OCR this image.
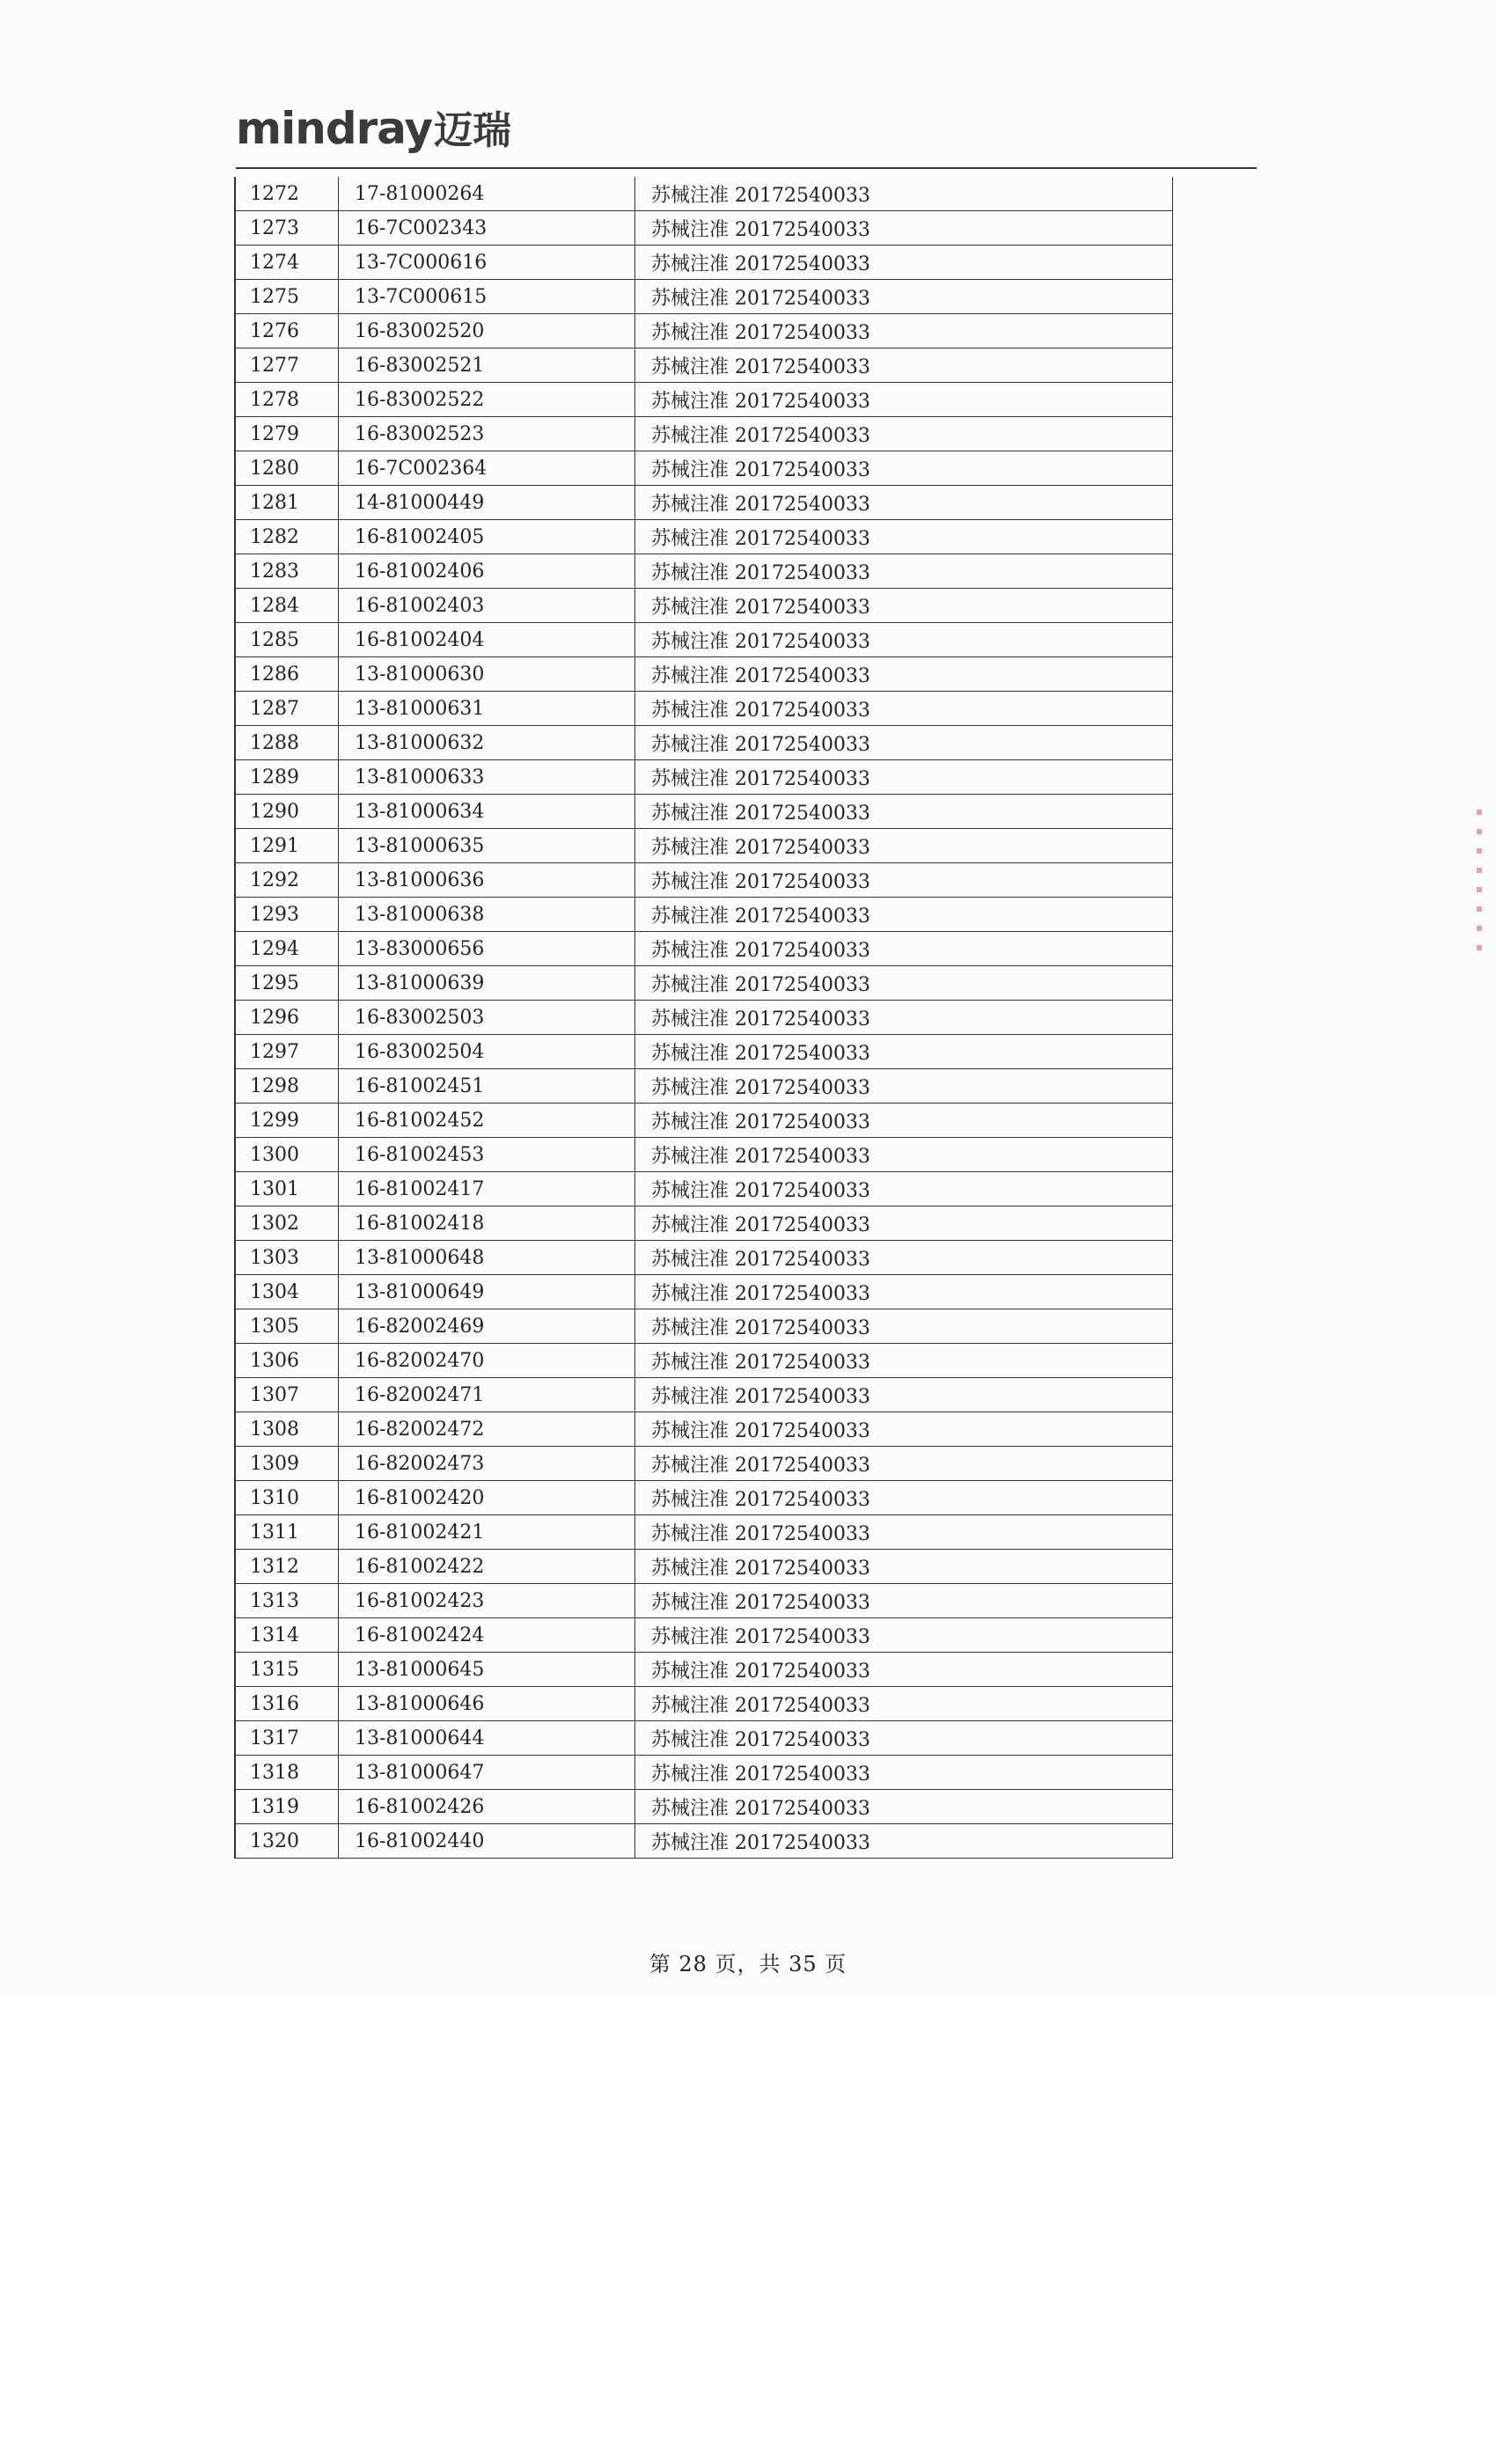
mindray 迈瑞
1272	17-81000264	苏械注准 20172540033
1273	16-7C002343	苏械注准 20172540033
1274	13-7C000616	苏械注准 20172540033
1275	13-7C000615	苏械注准 20172540033
1276	16-83002520	苏械注准 20172540033
1277	16-83002521	苏械注准 20172540033
1278	16-83002522	苏械注准 20172540033
1279	16-83002523	苏械注准 20172540033
1280	16-7C002364	苏械注准 20172540033
1281	14-81000449	苏械注准 20172540033
1282	16-81002405	苏械注准 20172540033
1283	16-81002406	苏械注准 20172540033
1284	16-81002403	苏械注准 20172540033
1285	16-81002404	苏械注准 20172540033
1286	13-81000630	苏械注准 20172540033
1287	13-81000631	苏械注准 20172540033
1288	13-81000632	苏械注准 20172540033
1289	13-81000633	苏械注准 20172540033
1290	13-81000634	苏械注准 20172540033
1291	13-81000635	苏械注准 20172540033
1292	13-81000636	苏械注准 20172540033
1293	13-81000638	苏械注准 20172540033
1294	13-83000656	苏械注准 20172540033
1295	13-81000639	苏械注准 20172540033
1296	16-83002503	苏械注准 20172540033
1297	16-83002504	苏械注准 20172540033
1298	16-81002451	苏械注准 20172540033
1299	16-81002452	苏械注准 20172540033
1300	16-81002453	苏械注准 20172540033
1301	16-81002417	苏械注准 20172540033
1302	16-81002418	苏械注准 20172540033
1303	13-81000648	苏械注准 20172540033
1304	13-81000649	苏械注准 20172540033
1305	16-82002469	苏械注准 20172540033
1306	16-82002470	苏械注准 20172540033
1307	16-82002471	苏械注准 20172540033
1308	16-82002472	苏械注准 20172540033
1309	16-82002473	苏械注准 20172540033
1310	16-81002420	苏械注准 20172540033
1311	16-81002421	苏械注准 20172540033
1312	16-81002422	苏械注准 20172540033
1313	16-81002423	苏械注准 20172540033
1314	16-81002424	苏械注准 20172540033
1315	13-81000645	苏械注准 20172540033
1316	13-81000646	苏械注准 20172540033
1317	13-81000644	苏械注准 20172540033
1318	13-81000647	苏械注准 20172540033
1319	16-81002426	苏械注准 20172540033
1320	16-81002440	苏械注准 20172540033
第 28 页，共 35 页
